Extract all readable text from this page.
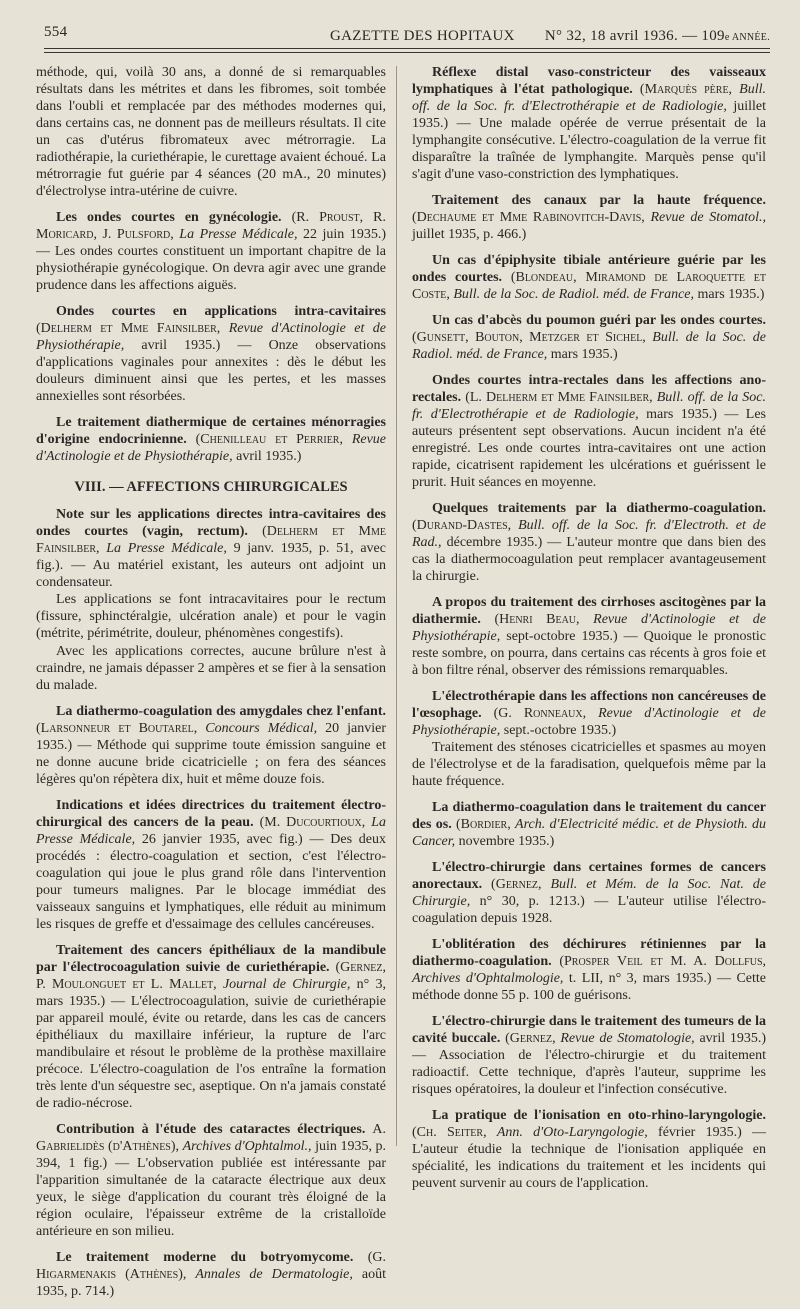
554	GAZETTE DES HOPITAUX N° 32, 18 avril 1936. — 109e ANNÉE.

méthode, qui, voilà 30 ans, a donné de si remarquables résultats dans les métrites et dans les fibromes, soit tombée dans l'oubli et remplacée par des méthodes modernes qui, dans certains cas, ne donnent pas de meilleurs résultats. Il cite un cas d'utérus fibromateux avec métrorragie. La radiothérapie, la curiethérapie, le curettage avaient échoué. La métrorragie fut guérie par 4 séances (20 mA., 20 minutes) d'électrolyse intra-utérine de cuivre.

Les ondes courtes en gynécologie. (R. Proust, R. Moricard, J. Pulsford, La Presse Médicale, 22 juin 1935.) — Les ondes courtes constituent un important chapitre de la physiothérapie gynécologique. On devra agir avec une grande prudence dans les affections aiguës.

Ondes courtes en applications intra-cavitaires (Delherm et Mme Fainsilber, Revue d'Actinologie et de Physiothérapie, avril 1935.) — Onze observations d'applications vaginales pour annexites : dès le début les douleurs diminuent ainsi que les pertes, et les masses annexielles sont résorbées.

Le traitement diathermique de certaines ménorragies d'origine endocrinienne. (Chenilleau et Perrier, Revue d'Actinologie et de Physiothérapie, avril 1935.)

VIII. — AFFECTIONS CHIRURGICALES

Note sur les applications directes intra-cavitaires des ondes courtes (vagin, rectum). (Delherm et Mme Fainsilber, La Presse Médicale, 9 janv. 1935, p. 51, avec fig.). — Au matériel existant, les auteurs ont adjoint un condensateur.

Les applications se font intracavitaires pour le rectum (fissure, sphinctéralgie, ulcération anale) et pour le vagin (métrite, périmétrite, douleur, phénomènes congestifs).

Avec les applications correctes, aucune brûlure n'est à craindre, ne jamais dépasser 2 ampères et se fier à la sensation du malade.

La diathermo-coagulation des amygdales chez l'enfant. (Larsonneur et Boutarel, Concours Médical, 20 janvier 1935.) — Méthode qui supprime toute émission sanguine et ne donne aucune bride cicatricielle ; on fera des séances légères qu'on répètera dix, huit et même douze fois.

Indications et idées directrices du traitement électro-chirurgical des cancers de la peau. (M. Ducourtioux, La Presse Médicale, 26 janvier 1935, avec fig.) — Des deux procédés : électro-coagulation et section, c'est l'électro-coagulation qui joue le plus grand rôle dans l'intervention pour tumeurs malignes. Par le blocage immédiat des vaisseaux sanguins et lymphatiques, elle réduit au minimum les risques de greffe et d'essaimage des cellules cancéreuses.

Traitement des cancers épithéliaux de la mandibule par l'électrocoagulation suivie de curiethérapie. (Gernez, P. Moulonguet et L. Mallet, Journal de Chirurgie, n° 3, mars 1935.) — L'électrocoagulation, suivie de curiethérapie par appareil moulé, évite ou retarde, dans les cas de cancers épithéliaux du maxillaire inférieur, la rupture de l'arc mandibulaire et résout le problème de la prothèse maxillaire précoce. L'électro-coagulation de l'os entraîne la formation très lente d'un séquestre sec, aseptique. On n'a jamais constaté de radio-nécrose.

Contribution à l'étude des cataractes électriques. A. Gabrielidès (d'Athènes), Archives d'Ophtalmol., juin 1935, p. 394, 1 fig.) — L'observation publiée est intéressante par l'apparition simultanée de la cataracte électrique aux deux yeux, le siège d'application du courant très éloigné de la région oculaire, l'épaisseur extrême de la cristalloïde antérieure en son milieu.

Le traitement moderne du botryomycome. (G. Higarmenakis (Athènes), Annales de Dermatologie, août 1935, p. 714.)

Réflexe distal vaso-constricteur des vaisseaux lymphatiques à l'état pathologique. (Marquès père, Bull. off. de la Soc. fr. d'Electrothérapie et de Radiologie, juillet 1935.) — Une malade opérée de verrue présentait de la lymphangite consécutive. L'électro-coagulation de la verrue fit disparaître la traînée de lymphangite. Marquès pense qu'il s'agit d'une vaso-constriction des lymphatiques.

Traitement des canaux par la haute fréquence. (Dechaume et Mme Rabinovitch-Davis, Revue de Stomatol., juillet 1935, p. 466.)

Un cas d'épiphysite tibiale antérieure guérie par les ondes courtes. (Blondeau, Miramond de Laroquette et Coste, Bull. de la Soc. de Radiol. méd. de France, mars 1935.)

Un cas d'abcès du poumon guéri par les ondes courtes. (Gunsett, Bouton, Metzger et Sichel, Bull. de la Soc. de Radiol. méd. de France, mars 1935.)

Ondes courtes intra-rectales dans les affections ano-rectales. (L. Delherm et Mme Fainsilber, Bull. off. de la Soc. fr. d'Electrothérapie et de Radiologie, mars 1935.) — Les auteurs présentent sept observations. Aucun incident n'a été enregistré. Les onde courtes intra-cavitaires ont une action rapide, cicatrisent rapidement les ulcérations et guérissent le prurit. Huit séances en moyenne.

Quelques traitements par la diathermo-coagulation. (Durand-Dastes, Bull. off. de la Soc. fr. d'Electroth. et de Rad., décembre 1935.) — L'auteur montre que dans bien des cas la diathermocoagulation peut remplacer avantageusement la chirurgie.

A propos du traitement des cirrhoses ascitogènes par la diathermie. (Henri Beau, Revue d'Actinologie et de Physiothérapie, sept-octobre 1935.) — Quoique le pronostic reste sombre, on pourra, dans certains cas récents à gros foie et à bon filtre rénal, observer des rémissions remarquables.

L'électrothérapie dans les affections non cancéreuses de l'œsophage. (G. Ronneaux, Revue d'Actinologie et de Physiothérapie, sept.-octobre 1935.)

Traitement des sténoses cicatricielles et spasmes au moyen de l'électrolyse et de la faradisation, quelquefois même par la haute fréquence.

La diathermo-coagulation dans le traitement du cancer des os. (Bordier, Arch. d'Electricité médic. et de Physioth. du Cancer, novembre 1935.)

L'électro-chirurgie dans certaines formes de cancers anorectaux. (Gernez, Bull. et Mém. de la Soc. Nat. de Chirurgie, n° 30, p. 1213.) — L'auteur utilise l'électro-coagulation depuis 1928.

L'oblitération des déchirures rétiniennes par la diathermo-coagulation. (Prosper Veil et M. A. Dollfus, Archives d'Ophtalmologie, t. LII, n° 3, mars 1935.) — Cette méthode donne 55 p. 100 de guérisons.

L'électro-chirurgie dans le traitement des tumeurs de la cavité buccale. (Gernez, Revue de Stomatologie, avril 1935.) — Association de l'électro-chirurgie et du traitement radioactif. Cette technique, d'après l'auteur, supprime les risques opératoires, la douleur et l'infection consécutive.

La pratique de l'ionisation en oto-rhino-laryngologie. (Ch. Seiter, Ann. d'Oto-Laryngologie, février 1935.) — L'auteur étudie la technique de l'ionisation appliquée en spécialité, les indications du traitement et les incidents qui peuvent survenir au cours de l'application.
